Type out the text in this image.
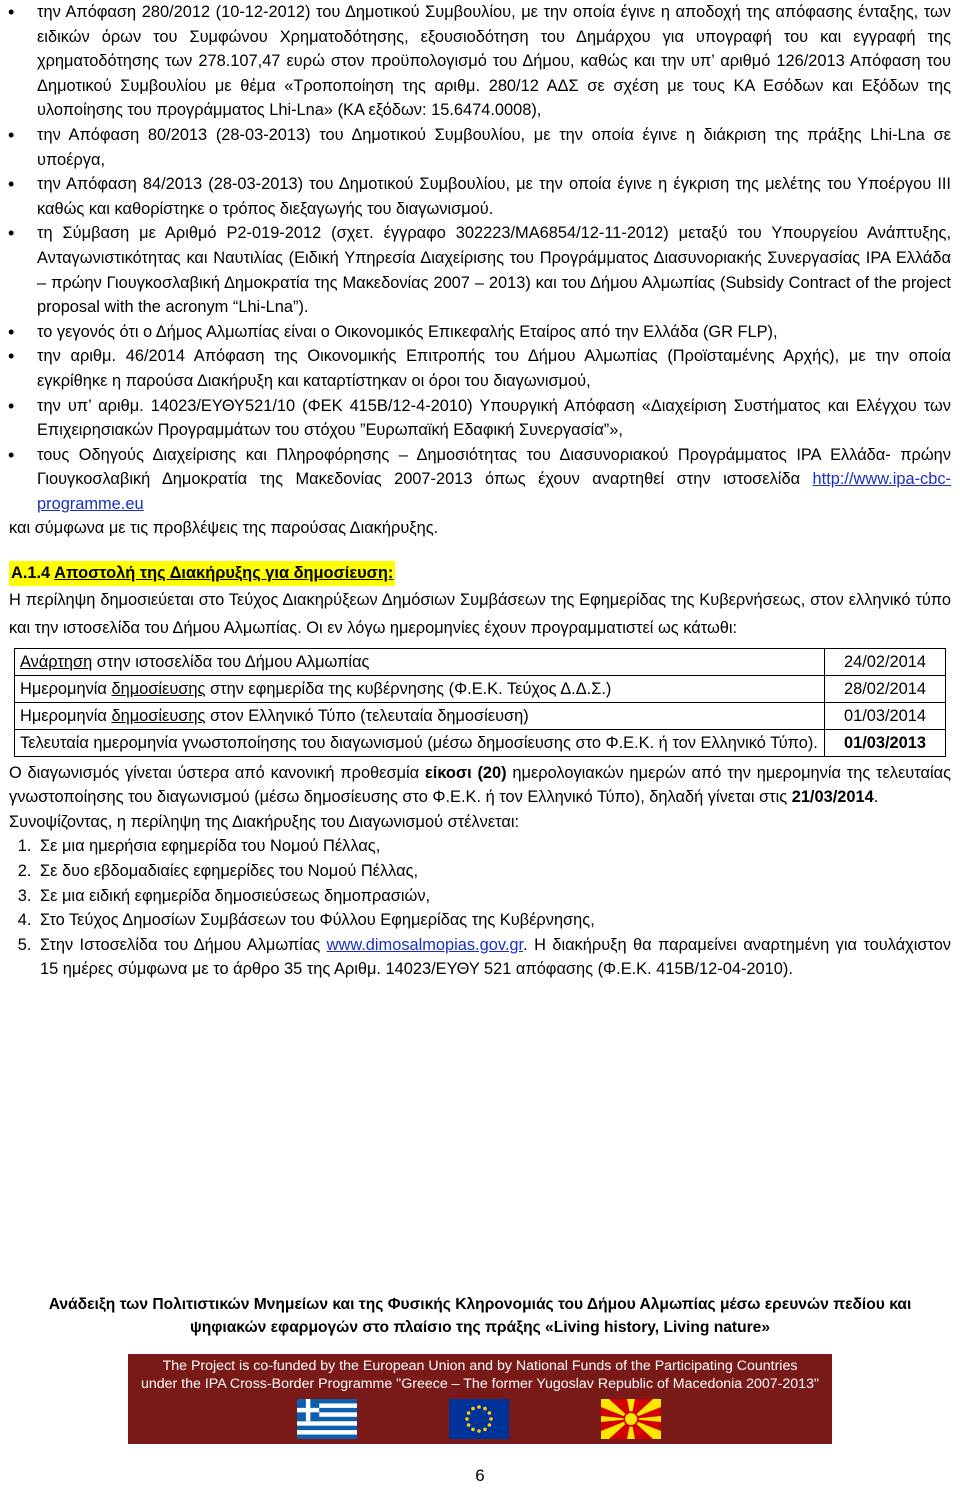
• την Απόφαση 280/2012 (10-12-2012) του Δημοτικού Συμβουλίου, με την οποία έγινε η αποδοχή της απόφασης ένταξης, των ειδικών όρων του Συμφώνου Χρηματοδότησης, εξουσιοδότηση του Δημάρχου για υπογραφή του και εγγραφή της χρηματοδότησης των 278.107,47 ευρώ στον προϋπολογισμό του Δήμου, καθώς και την υπ’ αριθμό 126/2013 Απόφαση του Δημοτικού Συμβουλίου με θέμα «Τροποποίηση της αριθμ. 280/12 ΑΔΣ σε σχέση με τους ΚΑ Εσόδων και Εξόδων της υλοποίησης του προγράμματος Lhi-Lna» (ΚΑ εξόδων: 15.6474.0008),
• την Απόφαση 80/2013 (28-03-2013) του Δημοτικού Συμβουλίου, με την οποία έγινε η διάκριση της πράξης Lhi-Lna σε υποέργα,
• την Απόφαση 84/2013 (28-03-2013) του Δημοτικού Συμβουλίου, με την οποία έγινε η έγκριση της μελέτης του Υποέργου ΙΙΙ καθώς και καθορίστηκε ο τρόπος διεξαγωγής του διαγωνισμού.
• τη Σύμβαση με Αριθμό P2-019-2012 (σχετ. έγγραφο 302223/ΜΑ6854/12-11-2012) μεταξύ του Υπουργείου Ανάπτυξης, Ανταγωνιστικότητας και Ναυτιλίας (Ειδική Υπηρεσία Διαχείρισης του Προγράμματος Διασυνοριακής Συνεργασίας IPA Ελλάδα – πρώην Γιουγκοσλαβική Δημοκρατία της Μακεδονίας 2007 – 2013) και του Δήμου Αλμωπίας (Subsidy Contract of the project proposal with the acronym “Lhi-Lna”).
• το γεγονός ότι ο Δήμος Αλμωπίας είναι ο Οικονομικός Επικεφαλής Εταίρος από την Ελλάδα (GR FLP),
• την αριθμ. 46/2014 Απόφαση της Οικονομικής Επιτροπής του Δήμου Αλμωπίας (Προϊσταμένης Αρχής), με την οποία εγκρίθηκε η παρούσα Διακήρυξη και καταρτίστηκαν οι όροι του διαγωνισμού,
• την υπ’ αριθμ. 14023/ΕΥΘΥ521/10 (ΦΕΚ 415Β/12-4-2010) Υπουργική Απόφαση «Διαχείριση Συστήματος και Ελέγχου των Επιχειρησιακών Προγραμμάτων του στόχου ”Ευρωπαϊκή Εδαφική Συνεργασία”»,
• τους Οδηγούς Διαχείρισης και Πληροφόρησης – Δημοσιότητας του Διασυνοριακού Προγράμματος IPA Ελλάδα- πρώην Γιουγκοσλαβική Δημοκρατία της Μακεδονίας 2007-2013 όπως έχουν αναρτηθεί στην ιστοσελίδα http://www.ipa-cbc-programme.eu

και σύμφωνα με τις προβλέψεις της παρούσας Διακήρυξης.

Α.1.4 Αποστολή της Διακήρυξης για δημοσίευση:

Η περίληψη δημοσιεύεται στο Τεύχος Διακηρύξεων Δημόσιων Συμβάσεων της Εφημερίδας της Κυβερνήσεως, στον ελληνικό τύπο και την ιστοσελίδα του Δήμου Αλμωπίας. Οι εν λόγω ημερομηνίες έχουν προγραμματιστεί ως κάτωθι:

Ανάρτηση στην ιστοσελίδα του Δήμου Αλμωπίας	24/02/2014
Ημερομηνία δημοσίευσης στην εφημερίδα της κυβέρνησης (Φ.Ε.Κ. Τεύχος Δ.Δ.Σ.)	28/02/2014
Ημερομηνία δημοσίευσης στον Ελληνικό Τύπο (τελευταία δημοσίευση)	01/03/2014
Τελευταία ημερομηνία γνωστοποίησης του διαγωνισμού (μέσω δημοσίευσης στο Φ.Ε.Κ. ή τον Ελληνικό Τύπο).	01/03/2013

Ο διαγωνισμός γίνεται ύστερα από κανονική προθεσμία είκοσι (20) ημερολογιακών ημερών από την ημερομηνία της τελευταίας γνωστοποίησης του διαγωνισμού (μέσω δημοσίευσης στο Φ.Ε.Κ. ή τον Ελληνικό Τύπο), δηλαδή γίνεται στις 21/03/2014.

Συνοψίζοντας, η περίληψη της Διακήρυξης του Διαγωνισμού στέλνεται:

1. Σε μια ημερήσια εφημερίδα του Νομού Πέλλας,
2. Σε δυο εβδομαδιαίες εφημερίδες του Νομού Πέλλας,
3. Σε μια ειδική εφημερίδα δημοσιεύσεως δημοπρασιών,
4. Στο Τεύχος Δημοσίων Συμβάσεων του Φύλλου Εφημερίδας της Κυβέρνησης,
5. Στην Ιστοσελίδα του Δήμου Αλμωπίας www.dimosalmopias.gov.gr. Η διακήρυξη θα παραμείνει αναρτημένη για τουλάχιστον 15 ημέρες σύμφωνα με το άρθρο 35 της Αριθμ. 14023/ΕΥΘΥ 521 απόφασης (Φ.Ε.Κ. 415Β/12-04-2010).
Ανάδειξη των Πολιτιστικών Μνημείων και της Φυσικής Κληρονομιάς του Δήμου Αλμωπίας μέσω ερευνών πεδίου και ψηφιακών εφαρμογών στο πλαίσιο της πράξης «Living history, Living nature»
The Project is co-funded by the European Union and by National Funds of the Participating Countries
under the IPA Cross-Border Programme "Greece – The former Yugoslav Republic of Macedonia 2007-2013"
6
